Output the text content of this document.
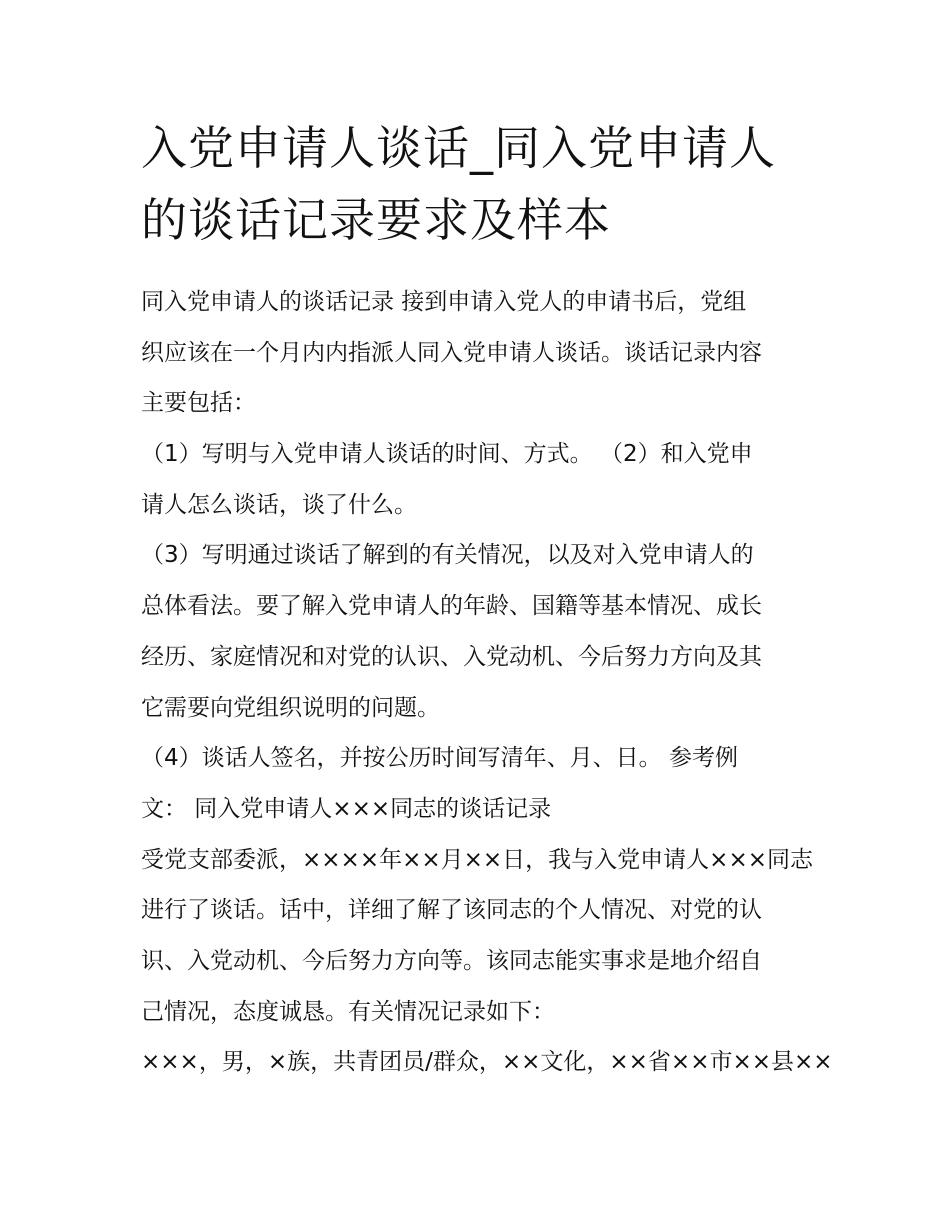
入党申请人谈话_同入党申请人
的谈话记录要求及样本
同入党申请人的谈话记录 接到申请入党人的申请书后，党组
织应该在一个月内内指派人同入党申请人谈话。谈话记录内容
主要包括：
（1）写明与入党申请人谈话的时间、方式。 （2）和入党申
请人怎么谈话，谈了什么。
（3）写明通过谈话了解到的有关情况，以及对入党申请人的
总体看法。要了解入党申请人的年龄、国籍等基本情况、成长
经历、家庭情况和对党的认识、入党动机、今后努力方向及其
它需要向党组织说明的问题。
（4）谈话人签名，并按公历时间写清年、月、日。 参考例
文： 同入党申请人×××同志的谈话记录
受党支部委派，××××年××月××日，我与入党申请人×××同志
进行了谈话。话中，详细了解了该同志的个人情况、对党的认
识、入党动机、今后努力方向等。该同志能实事求是地介绍自
己情况，态度诚恳。有关情况记录如下：
×××，男，×族，共青团员/群众，××文化，××省××市××县××
